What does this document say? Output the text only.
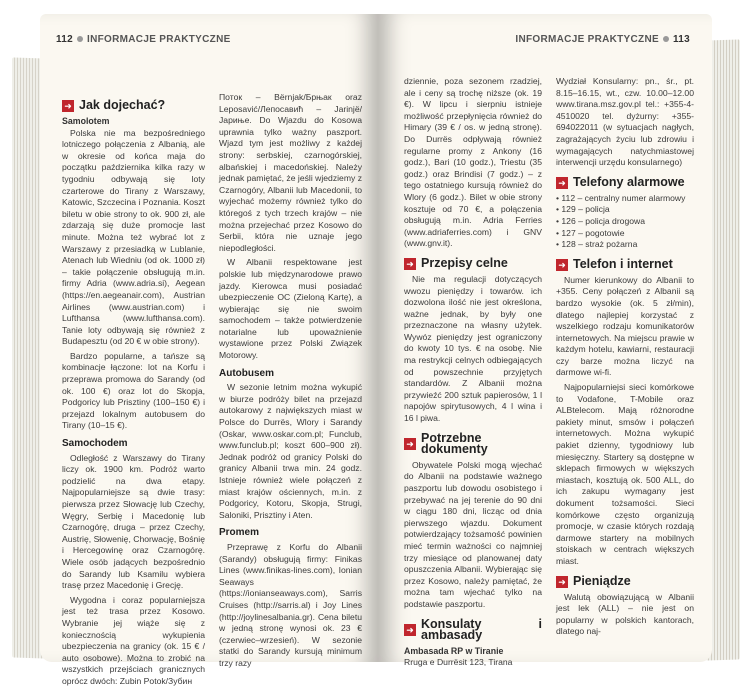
112 INFORMACJE PRAKTYCZNE
➜ Jak dojechać?
Samolotem

Polska nie ma bezpośredniego lotniczego połączenia z Albanią, ale w okresie od końca maja do początku października kilka razy w tygodniu odbywają się loty czarterowe do Tirany z Warszawy, Katowic, Szczecina i Poznania. Koszt biletu w obie strony to ok. 900 zł, ale zdarzają się duże promocje last minute. Można też wybrać lot z Warszawy z przesiadką w Lublanie, Atenach lub Wiedniu (od ok. 1000 zł) – takie połączenie obsługują m.in. firmy Adria (www.adria.si), Aegean (https://en.aegeanair.com), Austrian Airlines (www.austrian.com) i Lufthansa (www.lufthansa.com). Tanie loty odbywają się również z Budapesztu (od 20 € w obie strony).

Bardzo popularne, a tańsze są kombinacje łączone: lot na Korfu i przeprawa promowa do Sarandy (od ok. 100 €) oraz lot do Skopja, Podgoricy lub Prisztiny (100–150 €) i przejazd lokalnym autobusem do Tirany (10–15 €).

Samochodem

Odległość z Warszawy do Tirany liczy ok. 1900 km. Podróż warto podzielić na dwa etapy. Najpopularniejsze są dwie trasy: pierwsza przez Słowację lub Czechy, Węgry, Serbię i Macedonię lub Czarnogórę, druga – przez Czechy, Austrię, Słowenię, Chorwację, Bośnię i Hercegowinę oraz Czarnogórę. Wiele osób jadących bezpośrednio do Sarandy lub Ksamilu wybiera trasę przez Macedonię i Grecję.

Wygodna i coraz popularniejsza jest też trasa przez Kosowo. Wybranie jej wiąże się z koniecznością wykupienia ubezpieczenia na granicy (ok. 15 € / auto osobowe). Można to zrobić na wszystkich przejściach granicznych oprócz dwóch: Zubin Potok/Зубин

Поток – Bërnjak/Брњак oraz Leposavić/Лепосавић – Jarinjë/Јариње. Do Wjazdu do Kosowa uprawnia tylko ważny paszport. Wjazd tym jest możliwy z każdej strony: serbskiej, czarnogórskiej, albańskiej i macedońskiej. Należy jednak pamiętać, że jeśli wjedziemy z Czarnogóry, Albanii lub Macedonii, to wyjechać możemy również tylko do któregoś z tych trzech krajów – nie można przejechać przez Kosowo do Serbii, która nie uznaje jego niepodległości.

W Albanii respektowane jest polskie lub międzynarodowe prawo jazdy. Kierowca musi posiadać ubezpieczenie OC (Zieloną Kartę), a wybierając się nie swoim samochodem – także potwierdzenie notarialne lub upoważnienie wystawione przez Polski Związek Motorowy.

Autobusem

W sezonie letnim można wykupić w biurze podróży bilet na przejazd autokarowy z największych miast w Polsce do Durrës, Wlory i Sarandy (Oskar, www.oskar.com.pl; Funclub, www.funclub.pl; koszt 600–900 zł). Jednak podróż od granicy Polski do granicy Albanii trwa min. 24 godz. Istnieje również wiele połączeń z miast krajów ościennych, m.in. z Podgoricy, Kotoru, Skopja, Strugi, Saloniki, Prisztiny i Aten.

Promem

Przeprawę z Korfu do Albanii (Sarandy) obsługują firmy: Finikas Lines (www.finikas-lines.com), Ionian Seaways (https://ionianseaways.com), Sarris Cruises (http://sarris.al) i Joy Lines (http://joylinesalbania.gr). Cena biletu w jedną stronę wynosi ok. 23 € (czerwiec–wrzesień). W sezonie statki do Sarandy kursują minimum trzy razy

INFORMACJE PRAKTYCZNE 113

dziennie, poza sezonem rzadziej, ale i ceny są trochę niższe (ok. 19 €). W lipcu i sierpniu istnieje możliwość przepłynięcia również do Himary (39 € / os. w jedną stronę). Do Durrës odpływają również regularne promy z Ankony (16 godz.), Bari (10 godz.), Triestu (35 godz.) oraz Brindisi (7 godz.) – z tego ostatniego kursują również do Wlory (6 godz.). Bilet w obie strony kosztuje od 70 €, a połączenia obsługują m.in. Adria Ferries (www.adriaferries.com) i GNV (www.gnv.it).

➜ Przepisy celne

Nie ma regulacji dotyczących wwozu pieniędzy i towarów. ich dozwolona ilość nie jest określona, ważne jednak, by były one przeznaczone na własny użytek. Wywóz pieniędzy jest ograniczony do kwoty 10 tys. € na osobę. Nie ma restrykcji celnych odbiegających od powszechnie przyjętych standardów. Z Albanii można przywieźć 200 sztuk papierosów, 1 l napojów spirytusowych, 4 l wina i 16 l piwa.

➜ Potrzebne dokumenty

Obywatele Polski mogą wjechać do Albanii na podstawie ważnego paszportu lub dowodu osobistego i przebywać na jej terenie do 90 dni w ciągu 180 dni, licząc od dnia pierwszego wjazdu. Dokument potwierdzający tożsamość powinien mieć termin ważności co najmniej trzy miesiące od planowanej daty opuszczenia Albanii. Wybierając się przez Kosowo, należy pamiętać, że można tam wjechać tylko na podstawie paszportu.

➜ Konsulaty i ambasady
Ambasada RP w Tiranie

Rruga e Durrësit 123, Tirana

Wydział Konsularny: pn., śr., pt. 8.15–16.15, wt., czw. 10.00–12.00 www.tirana.msz.gov.pl tel.: +355-4-4510020 tel. dyżurny: +355-694022011 (w sytuacjach nagłych, zagrażających życiu lub zdrowiu i wymagających natychmiastowej interwencji urzędu konsularnego)

➜ Telefony alarmowe
• 112 – centralny numer alarmowy
• 129 – policja
• 126 – policja drogowa
• 127 – pogotowie
• 128 – straż pożarna
➜ Telefon i internet

Numer kierunkowy do Albanii to +355. Ceny połączeń z Albanii są bardzo wysokie (ok. 5 zł/min), dlatego najlepiej korzystać z wszelkiego rodzaju komunikatorów internetowych. Na miejscu prawie w każdym hotelu, kawiarni, restauracji czy barze można liczyć na darmowe wi-fi.

Najpopularniejsi sieci komórkowe to Vodafone, T-Mobile oraz ALBtelecom. Mają różnorodne pakiety minut, smsów i połączeń internetowych. Można wykupić pakiet dzienny, tygodniowy lub miesięczny. Startery są dostępne w sklepach firmowych w większych miastach, kosztują ok. 500 ALL, do ich zakupu wymagany jest dokument tożsamości. Sieci komórkowe często organizują promocje, w czasie których rozdają darmowe startery na mobilnych stoiskach w centrach większych miast.

➜ Pieniądze

Walutą obowiązującą w Albanii jest lek (ALL) – nie jest on popularny w polskich kantorach, dlatego naj-
